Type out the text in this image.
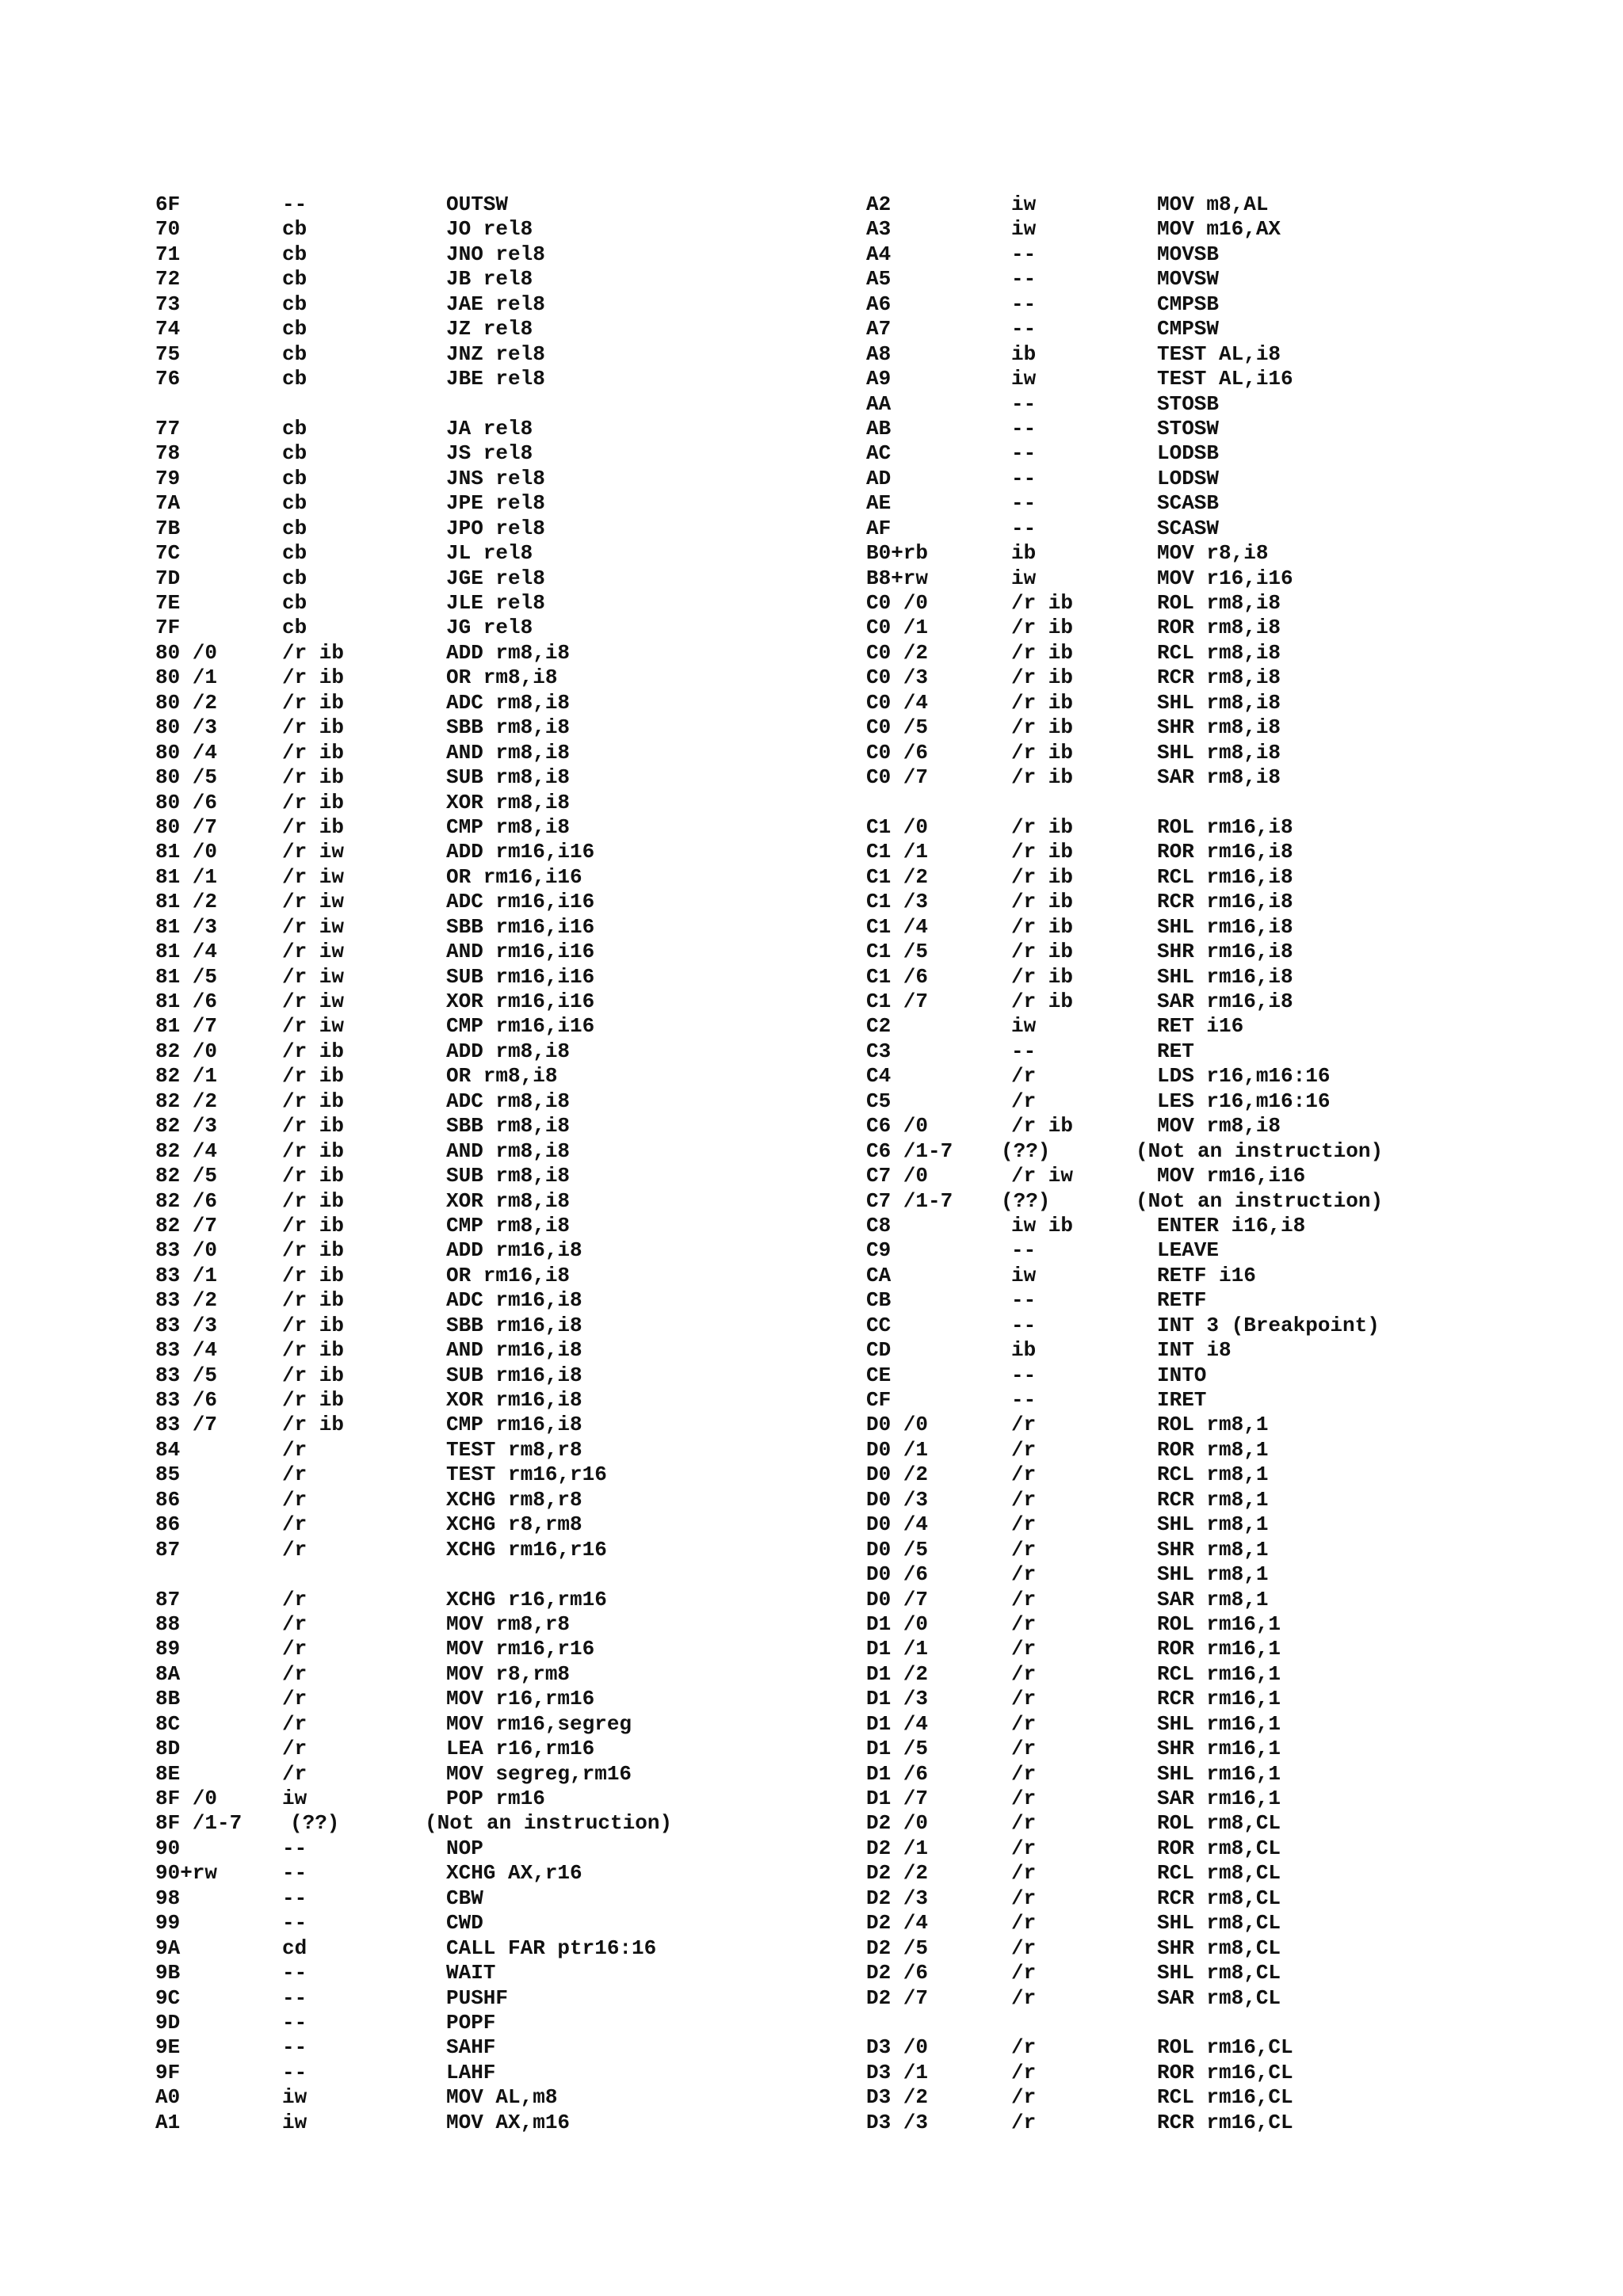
6F	--	OUTSW
70	cb	JO rel8
71	cb	JNO rel8
72	cb	JB rel8
73	cb	JAE rel8
74	cb	JZ rel8
75	cb	JNZ rel8
76	cb	JBE rel8
77	cb	JA rel8
78	cb	JS rel8
79	cb	JNS rel8
7A	cb	JPE rel8
7B	cb	JPO rel8
7C	cb	JL rel8
7D	cb	JGE rel8
7E	cb	JLE rel8
7F	cb	JG rel8
80 /0	/r ib	ADD rm8,i8
80 /1	/r ib	OR rm8,i8
80 /2	/r ib	ADC rm8,i8
80 /3	/r ib	SBB rm8,i8
80 /4	/r ib	AND rm8,i8
80 /5	/r ib	SUB rm8,i8
80 /6	/r ib	XOR rm8,i8
80 /7	/r ib	CMP rm8,i8
81 /0	/r iw	ADD rm16,i16
81 /1	/r iw	OR rm16,i16
81 /2	/r iw	ADC rm16,i16
81 /3	/r iw	SBB rm16,i16
81 /4	/r iw	AND rm16,i16
81 /5	/r iw	SUB rm16,i16
81 /6	/r iw	XOR rm16,i16
81 /7	/r iw	CMP rm16,i16
82 /0	/r ib	ADD rm8,i8
82 /1	/r ib	OR rm8,i8
82 /2	/r ib	ADC rm8,i8
82 /3	/r ib	SBB rm8,i8
82 /4	/r ib	AND rm8,i8
82 /5	/r ib	SUB rm8,i8
82 /6	/r ib	XOR rm8,i8
82 /7	/r ib	CMP rm8,i8
83 /0	/r ib	ADD rm16,i8
83 /1	/r ib	OR rm16,i8
83 /2	/r ib	ADC rm16,i8
83 /3	/r ib	SBB rm16,i8
83 /4	/r ib	AND rm16,i8
83 /5	/r ib	SUB rm16,i8
83 /6	/r ib	XOR rm16,i8
83 /7	/r ib	CMP rm16,i8
84	/r	TEST rm8,r8
85	/r	TEST rm16,r16
86	/r	XCHG rm8,r8
86	/r	XCHG r8,rm8
87	/r	XCHG rm16,r16
87	/r	XCHG r16,rm16
88	/r	MOV rm8,r8
89	/r	MOV rm16,r16
8A	/r	MOV r8,rm8
8B	/r	MOV r16,rm16
8C	/r	MOV rm16,segreg
8D	/r	LEA r16,rm16
8E	/r	MOV segreg,rm16
8F /0	iw	POP rm16
8F /1-7 (??)	(Not an instruction)
90	--	NOP
90+rw	--	XCHG AX,r16
98	--	CBW
99	--	CWD
9A	cd	CALL FAR ptr16:16
9B	--	WAIT
9C	--	PUSHF
9D	--	POPF
9E	--	SAHF
9F	--	LAHF
A0	iw	MOV AL,m8
A1	iw	MOV AX,m16
A2	iw	MOV m8,AL
A3	iw	MOV m16,AX
A4	--	MOVSB
A5	--	MOVSW
A6	--	CMPSB
A7	--	CMPSW
A8	ib	TEST AL,i8
A9	iw	TEST AL,i16
AA	--	STOSB
AB	--	STOSW
AC	--	LODSB
AD	--	LODSW
AE	--	SCASB
AF	--	SCASW
B0+rb	ib	MOV r8,i8
B8+rw	iw	MOV r16,i16
C0 /0	/r ib	ROL rm8,i8
C0 /1	/r ib	ROR rm8,i8
C0 /2	/r ib	RCL rm8,i8
C0 /3	/r ib	RCR rm8,i8
C0 /4	/r ib	SHL rm8,i8
C0 /5	/r ib	SHR rm8,i8
C0 /6	/r ib	SHL rm8,i8
C0 /7	/r ib	SAR rm8,i8
C1 /0	/r ib	ROL rm16,i8
C1 /1	/r ib	ROR rm16,i8
C1 /2	/r ib	RCL rm16,i8
C1 /3	/r ib	RCR rm16,i8
C1 /4	/r ib	SHL rm16,i8
C1 /5	/r ib	SHR rm16,i8
C1 /6	/r ib	SHL rm16,i8
C1 /7	/r ib	SAR rm16,i8
C2	iw	RET i16
C3	--	RET
C4	/r	LDS r16,m16:16
C5	/r	LES r16,m16:16
C6 /0	/r ib	MOV rm8,i8
C6 /1-7 (??)	(Not an instruction)
C7 /0	/r iw	MOV rm16,i16
C7 /1-7 (??)	(Not an instruction)
C8	iw ib	ENTER i16,i8
C9	--	LEAVE
CA	iw	RETF i16
CB	--	RETF
CC	--	INT 3 (Breakpoint)
CD	ib	INT i8
CE	--	INTO
CF	--	IRET
D0 /0	/r	ROL rm8,1
D0 /1	/r	ROR rm8,1
D0 /2	/r	RCL rm8,1
D0 /3	/r	RCR rm8,1
D0 /4	/r	SHL rm8,1
D0 /5	/r	SHR rm8,1
D0 /6	/r	SHL rm8,1
D0 /7	/r	SAR rm8,1
D1 /0	/r	ROL rm16,1
D1 /1	/r	ROR rm16,1
D1 /2	/r	RCL rm16,1
D1 /3	/r	RCR rm16,1
D1 /4	/r	SHL rm16,1
D1 /5	/r	SHR rm16,1
D1 /6	/r	SHL rm16,1
D1 /7	/r	SAR rm16,1
D2 /0	/r	ROL rm8,CL
D2 /1	/r	ROR rm8,CL
D2 /2	/r	RCL rm8,CL
D2 /3	/r	RCR rm8,CL
D2 /4	/r	SHL rm8,CL
D2 /5	/r	SHR rm8,CL
D2 /6	/r	SHL rm8,CL
D2 /7	/r	SAR rm8,CL
D3 /0	/r	ROL rm16,CL
D3 /1	/r	ROR rm16,CL
D3 /2	/r	RCL rm16,CL
D3 /3	/r	RCR rm16,CL
